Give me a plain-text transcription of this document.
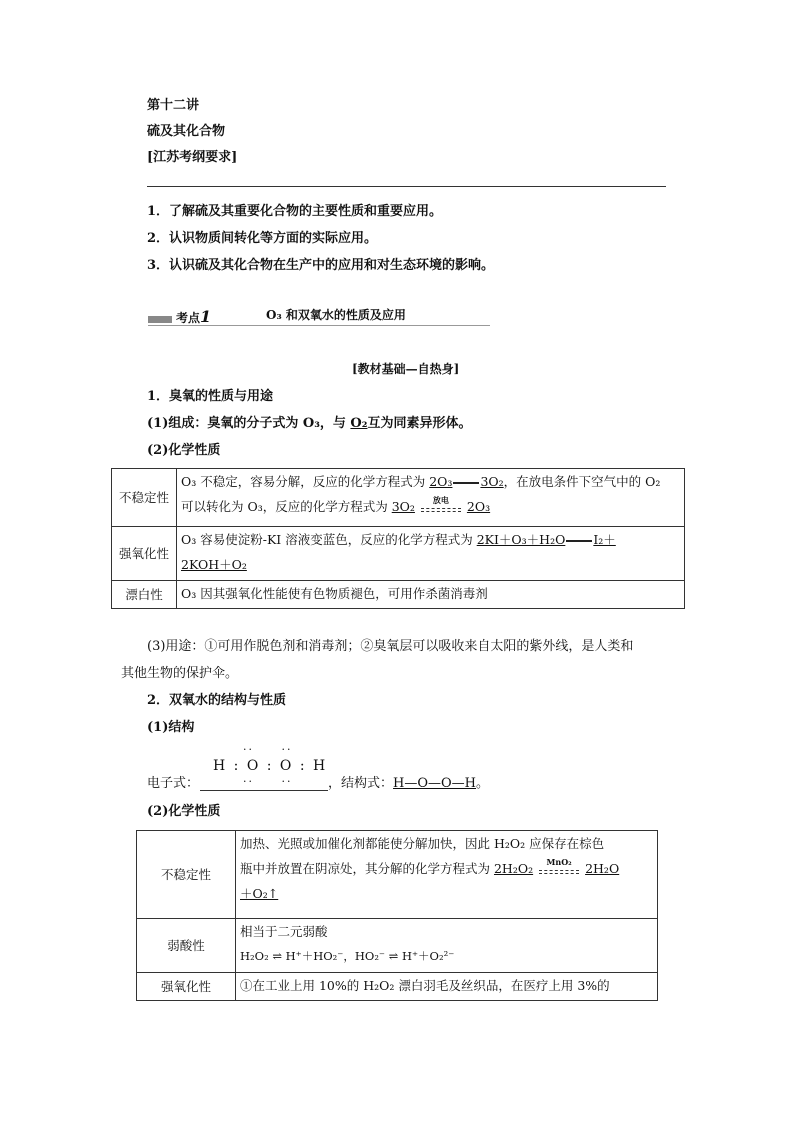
第十二讲
硫及其化合物
[江苏考纲要求]
1．了解硫及其重要化合物的主要性质和重要应用。
2．认识物质间转化等方面的实际应用。
3．认识硫及其化合物在生产中的应用和对生态环境的影响。
考点1	O₃ 和双氧水的性质及应用
[教材基础—自热身]
1．臭氧的性质与用途
(1)组成：臭氧的分子式为 O₃，与 O₂互为同素异形体。
(2)化学性质
不稳定性	O₃ 不稳定，容易分解，反应的化学方程式为 2O₃ 3O₂，在放电条件下空气中的 O₂
可以转化为 O₃，反应的化学方程式为 3O₂ 放电 2O₃

强氧化性	O₃ 容易使淀粉-KI 溶液变蓝色，反应的化学方程式为 2KI＋O₃＋H₂O I₂＋
2KOH＋O₂

漂白性	O₃ 因其强氧化性能使有色物质褪色，可用作杀菌消毒剂
(3)用途：①可用作脱色剂和消毒剂；②臭氧层可以吸收来自太阳的紫外线，是人类和
其他生物的保护伞。
2．双氧水的结构与性质
(1)结构
··     ··
H : O : O : H
··     ··
电子式：	，结构式：H—O—O—H。
(2)化学性质
不稳定性	加热、光照或加催化剂都能使分解加快，因此 H₂O₂ 应保存在棕色
瓶中并放置在阴凉处，其分解的化学方程式为 2H₂O₂ MnO₂ 2H₂O
＋O₂↑

弱酸性	相当于二元弱酸
H₂O₂ ⇌ H⁺＋HO₂⁻，HO₂⁻ ⇌ H⁺＋O₂²⁻

强氧化性	①在工业上用 10%的 H₂O₂ 漂白羽毛及丝织品，在医疗上用 3%的
